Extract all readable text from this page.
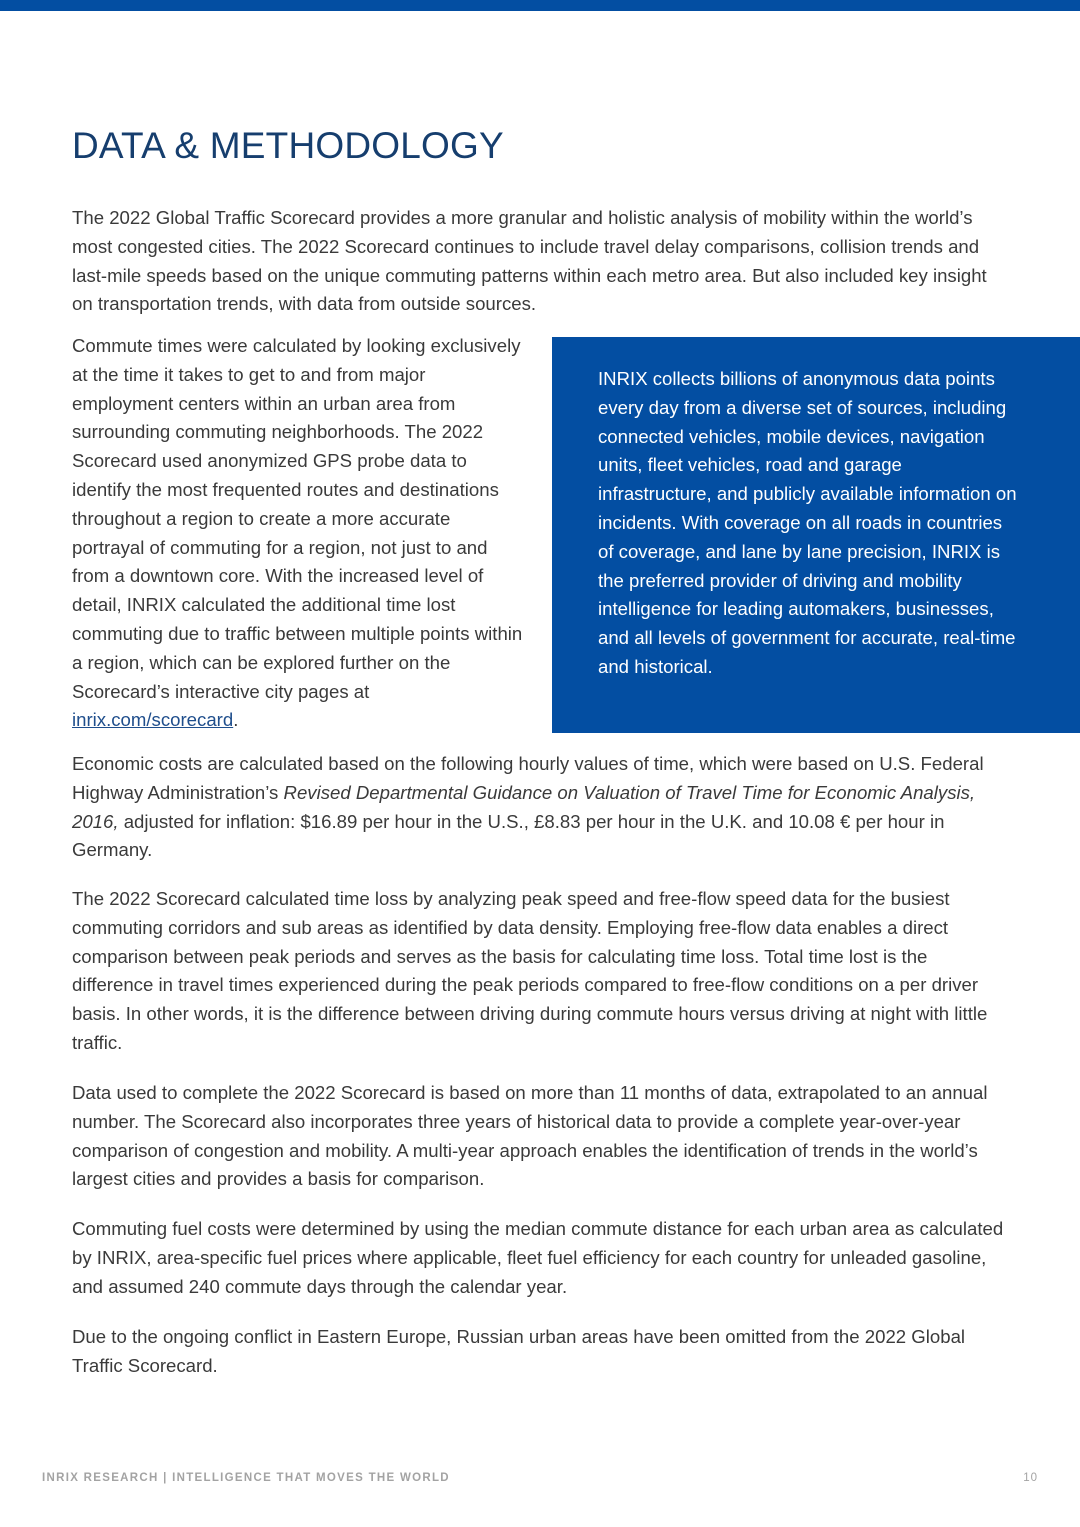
DATA & METHODOLOGY

The 2022 Global Traffic Scorecard provides a more granular and holistic analysis of mobility within the world’s most congested cities. The 2022 Scorecard continues to include travel delay comparisons, collision trends and last-mile speeds based on the unique commuting patterns within each metro area. But also included key insight on transportation trends, with data from outside sources.

Commute times were calculated by looking exclusively at the time it takes to get to and from major employment centers within an urban area from surrounding commuting neighborhoods. The 2022 Scorecard used anonymized GPS probe data to identify the most frequented routes and destinations throughout a region to create a more accurate portrayal of commuting for a region, not just to and from a downtown core. With the increased level of detail, INRIX calculated the additional time lost commuting due to traffic between multiple points within a region, which can be explored further on the Scorecard’s interactive city pages at inrix.com/scorecard.

INRIX collects billions of anonymous data points every day from a diverse set of sources, including connected vehicles, mobile devices, navigation units, fleet vehicles, road and garage infrastructure, and publicly available information on incidents. With coverage on all roads in countries of coverage, and lane by lane precision, INRIX is the preferred provider of driving and mobility intelligence for leading automakers, businesses, and all levels of government for accurate, real-time and historical.

Economic costs are calculated based on the following hourly values of time, which were based on U.S. Federal Highway Administration’s Revised Departmental Guidance on Valuation of Travel Time for Economic Analysis, 2016, adjusted for inflation: $16.89 per hour in the U.S., £8.83 per hour in the U.K. and 10.08 € per hour in Germany.

The 2022 Scorecard calculated time loss by analyzing peak speed and free-flow speed data for the busiest commuting corridors and sub areas as identified by data density. Employing free-flow data enables a direct comparison between peak periods and serves as the basis for calculating time loss. Total time lost is the difference in travel times experienced during the peak periods compared to free-flow conditions on a per driver basis. In other words, it is the difference between driving during commute hours versus driving at night with little traffic.

Data used to complete the 2022 Scorecard is based on more than 11 months of data, extrapolated to an annual number. The Scorecard also incorporates three years of historical data to provide a complete year-over-year comparison of congestion and mobility. A multi-year approach enables the identification of trends in the world’s largest cities and provides a basis for comparison.

Commuting fuel costs were determined by using the median commute distance for each urban area as calculated by INRIX, area-specific fuel prices where applicable, fleet fuel efficiency for each country for unleaded gasoline, and assumed 240 commute days through the calendar year.

Due to the ongoing conflict in Eastern Europe, Russian urban areas have been omitted from the 2022 Global Traffic Scorecard.

INRIX RESEARCH | INTELLIGENCE THAT MOVES THE WORLD	10
